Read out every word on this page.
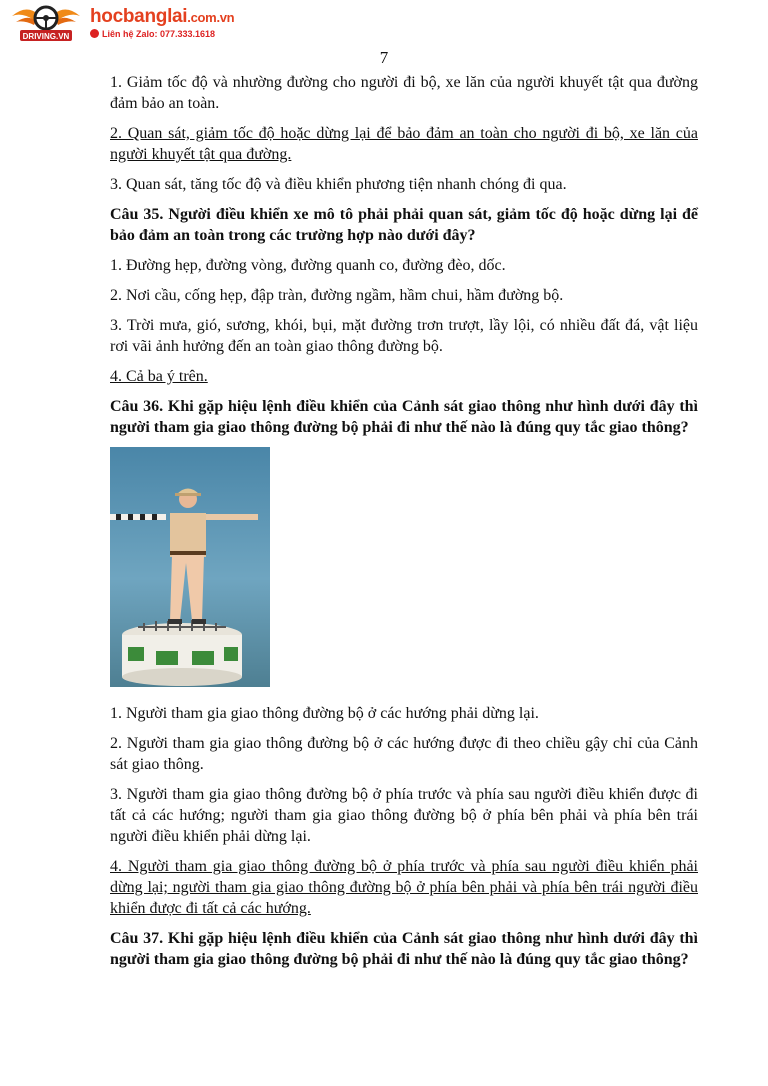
DRIVING.VN
hocbanglai.com.vn
Liên hệ Zalo: 077.333.1618
7

1. Giảm tốc độ và nhường đường cho người đi bộ, xe lăn của người khuyết tật qua đường đảm bảo an toàn.

2. Quan sát, giảm tốc độ hoặc dừng lại để bảo đảm an toàn cho người đi bộ, xe lăn của người khuyết tật qua đường.

3. Quan sát, tăng tốc độ và điều khiển phương tiện nhanh chóng đi qua.

Câu 35. Người điều khiển xe mô tô phải phải quan sát, giảm tốc độ hoặc dừng lại để bảo đảm an toàn trong các trường hợp nào dưới đây?

1. Đường hẹp, đường vòng, đường quanh co, đường đèo, dốc.

2. Nơi cầu, cống hẹp, đập tràn, đường ngầm, hầm chui, hầm đường bộ.

3. Trời mưa, gió, sương, khói, bụi, mặt đường trơn trượt, lầy lội, có nhiều đất đá, vật liệu rơi vãi ảnh hưởng đến an toàn giao thông đường bộ.

4. Cả ba ý trên.

Câu 36. Khi gặp hiệu lệnh điều khiển của Cảnh sát giao thông như hình dưới đây thì người tham gia giao thông đường bộ phải đi như thế nào là đúng quy tắc giao thông?

1. Người tham gia giao thông đường bộ ở các hướng phải dừng lại.

2. Người tham gia giao thông đường bộ ở các hướng được đi theo chiều gậy chỉ của Cảnh sát giao thông.

3. Người tham gia giao thông đường bộ ở phía trước và phía sau người điều khiển được đi tất cả các hướng; người tham gia giao thông đường bộ ở phía bên phải và phía bên trái người điều khiển phải dừng lại.

4. Người tham gia giao thông đường bộ ở phía trước và phía sau người điều khiển phải dừng lại; người tham gia giao thông đường bộ ở phía bên phải và phía bên trái người điều khiển được đi tất cả các hướng.

Câu 37. Khi gặp hiệu lệnh điều khiển của Cảnh sát giao thông như hình dưới đây thì người tham gia giao thông đường bộ phải đi như thế nào là đúng quy tắc giao thông?
